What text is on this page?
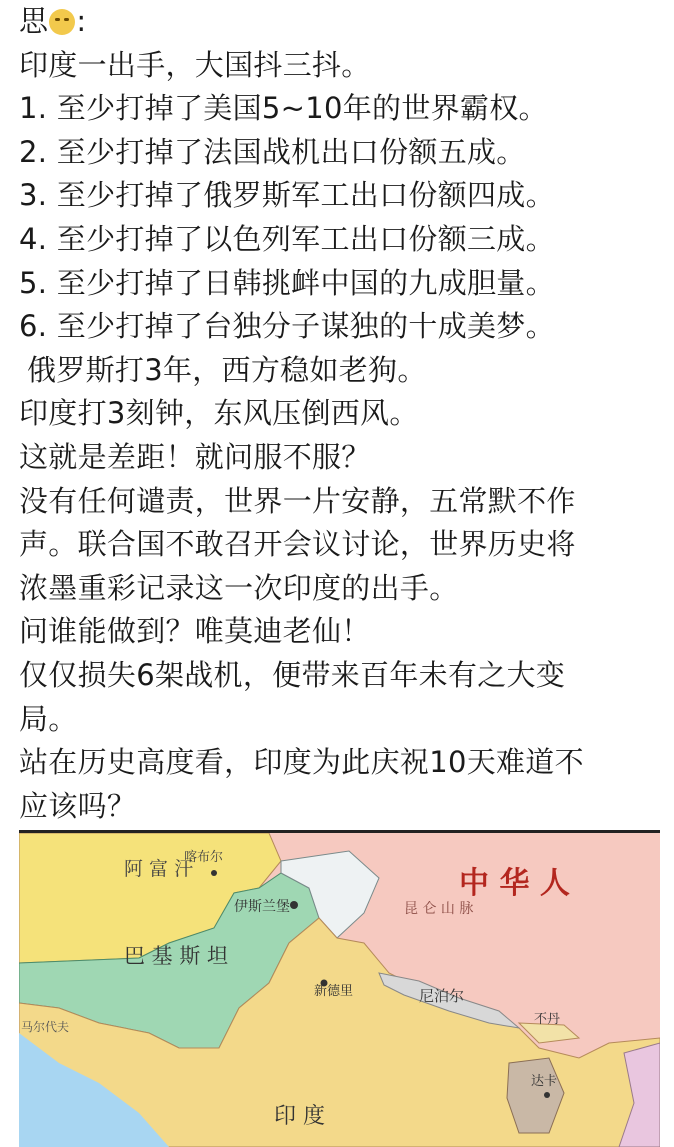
思 :
印度一出手，大国抖三抖。
1. 至少打掉了美国5~10年的世界霸权。
2. 至少打掉了法国战机出口份额五成。
3. 至少打掉了俄罗斯军工出口份额四成。
4. 至少打掉了以色列军工出口份额三成。
5. 至少打掉了日韩挑衅中国的九成胆量。
6. 至少打掉了台独分子谋独的十成美梦。
俄罗斯打3年，西方稳如老狗。
印度打3刻钟，东风压倒西风。
这就是差距！就问服不服？
没有任何谴责，世界一片安静，五常默不作
声。联合国不敢召开会议讨论，世界历史将
浓墨重彩记录这一次印度的出手。
问谁能做到？唯莫迪老仙！
仅仅损失6架战机，便带来百年未有之大变
局。
站在历史高度看，印度为此庆祝10天难道不
应该吗？
中 华 人
昆 仑 山 脉
阿 富 汗
喀布尔
伊斯兰堡
巴 基 斯 坦
新德里	尼泊尔
不丹
印 度
达卡
马尔代夫
